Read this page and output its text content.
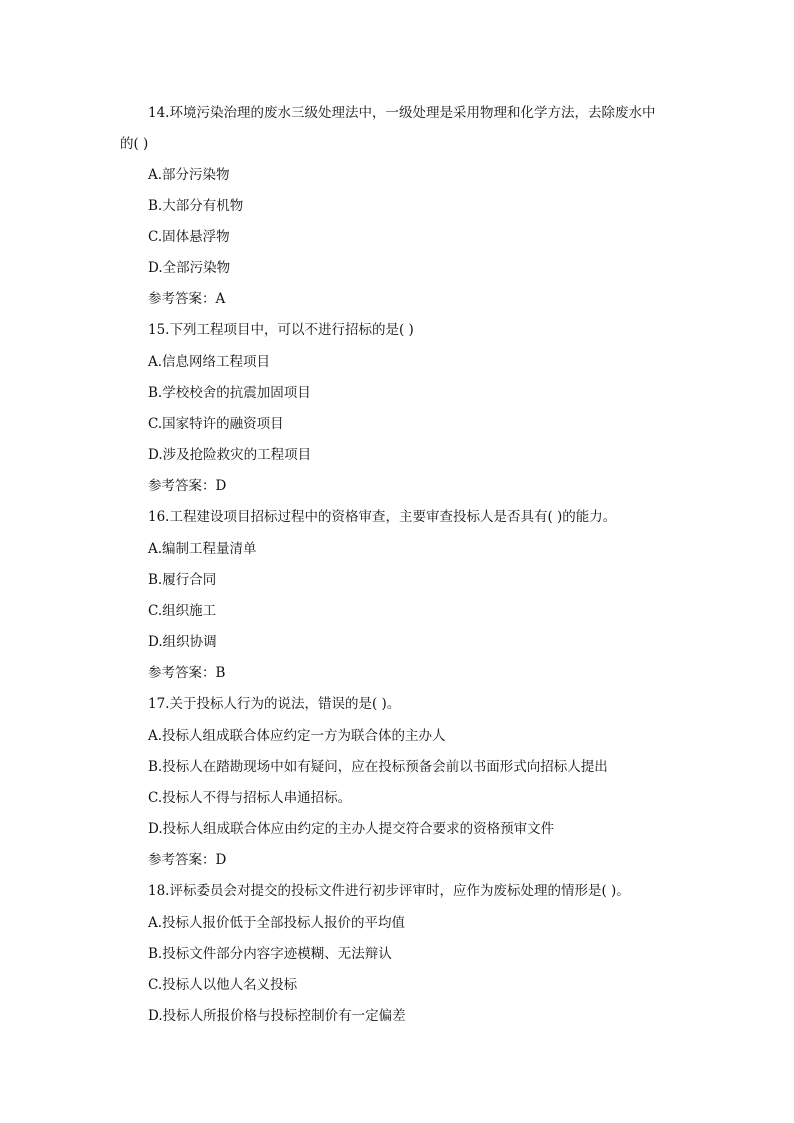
14.环境污染治理的废水三级处理法中，一级处理是采用物理和化学方法，去除废水中
的( )
A.部分污染物
B.大部分有机物
C.固体悬浮物
D.全部污染物
参考答案：A
15.下列工程项目中，可以不进行招标的是( )
A.信息网络工程项目
B.学校校舍的抗震加固项目
C.国家特许的融资项目
D.涉及抢险救灾的工程项目
参考答案：D
16.工程建设项目招标过程中的资格审查，主要审查投标人是否具有( )的能力。
A.编制工程量清单
B.履行合同
C.组织施工
D.组织协调
参考答案：B
17.关于投标人行为的说法，错误的是( )。
A.投标人组成联合体应约定一方为联合体的主办人
B.投标人在踏勘现场中如有疑问，应在投标预备会前以书面形式向招标人提出
C.投标人不得与招标人串通招标。
D.投标人组成联合体应由约定的主办人提交符合要求的资格预审文件
参考答案：D
18.评标委员会对提交的投标文件进行初步评审时，应作为废标处理的情形是( )。
A.投标人报价低于全部投标人报价的平均值
B.投标文件部分内容字迹模糊、无法辩认
C.投标人以他人名义投标
D.投标人所报价格与投标控制价有一定偏差
